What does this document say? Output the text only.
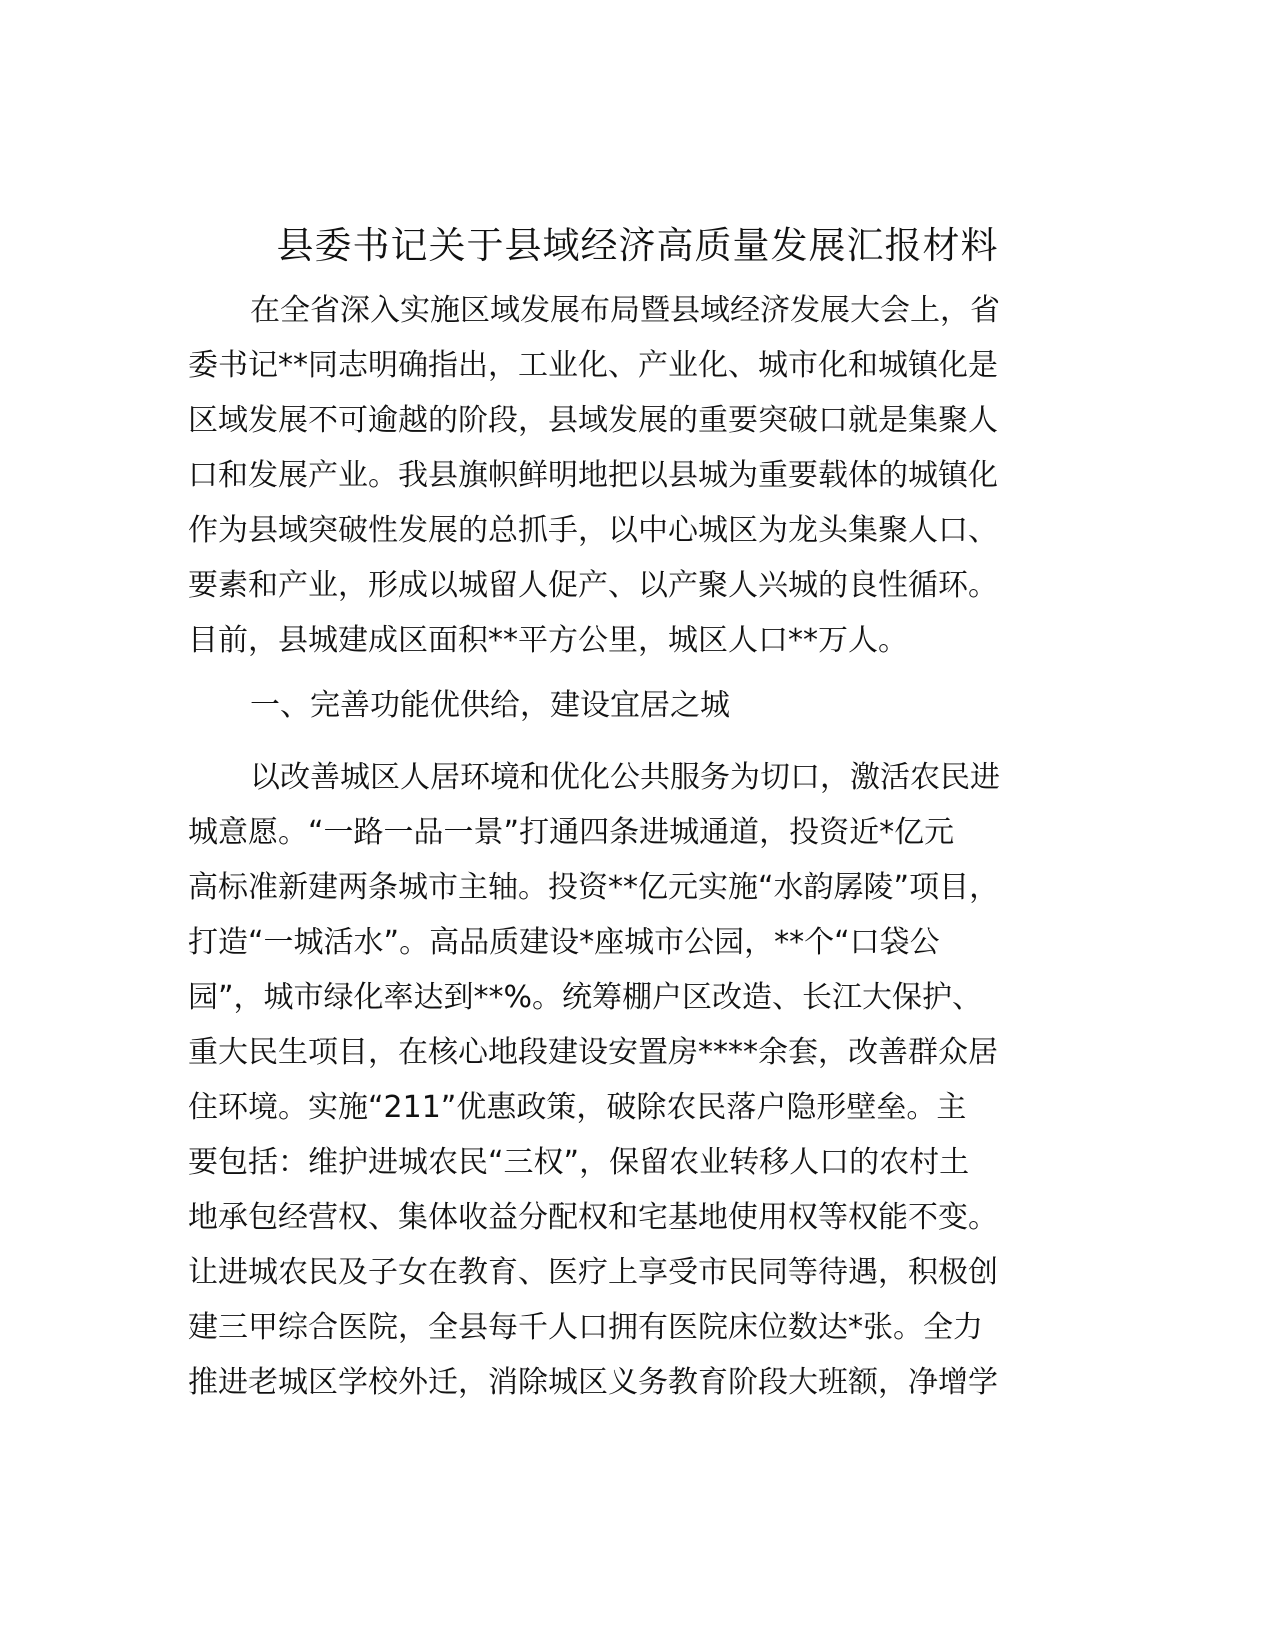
县委书记关于县域经济高质量发展汇报材料
在全省深入实施区域发展布局暨县域经济发展大会上，省
委书记**同志明确指出，工业化、产业化、城市化和城镇化是
区域发展不可逾越的阶段，县域发展的重要突破口就是集聚人
口和发展产业。我县旗帜鲜明地把以县城为重要载体的城镇化
作为县域突破性发展的总抓手，以中心城区为龙头集聚人口、
要素和产业，形成以城留人促产、以产聚人兴城的良性循环。
目前，县城建成区面积**平方公里，城区人口**万人。
一、完善功能优供给，建设宜居之城
以改善城区人居环境和优化公共服务为切口，激活农民进
城意愿。“一路一品一景”打通四条进城通道，投资近*亿元
高标准新建两条城市主轴。投资**亿元实施“水韵孱陵”项目，
打造“一城活水”。高品质建设*座城市公园，**个“口袋公
园”，城市绿化率达到**%。统筹棚户区改造、长江大保护、
重大民生项目，在核心地段建设安置房****余套，改善群众居
住环境。实施“211”优惠政策，破除农民落户隐形壁垒。主
要包括：维护进城农民“三权”，保留农业转移人口的农村土
地承包经营权、集体收益分配权和宅基地使用权等权能不变。
让进城农民及子女在教育、医疗上享受市民同等待遇，积极创
建三甲综合医院，全县每千人口拥有医院床位数达*张。全力
推进老城区学校外迁，消除城区义务教育阶段大班额，净增学
